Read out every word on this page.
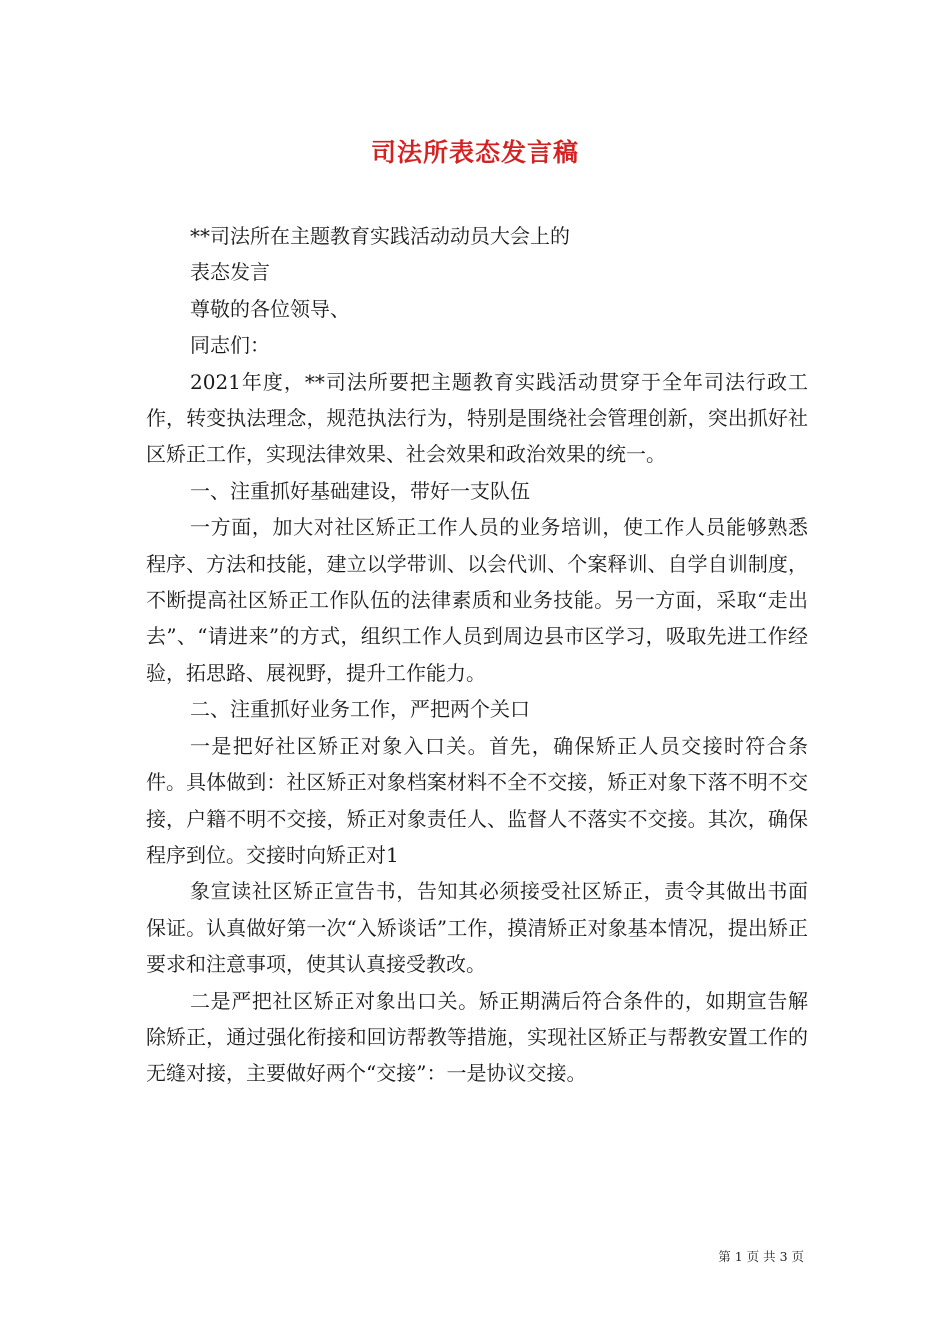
司法所表态发言稿

**司法所在主题教育实践活动动员大会上的

表态发言

尊敬的各位领导、

同志们：

2021年度，**司法所要把主题教育实践活动贯穿于全年司法行政工作，转变执法理念，规范执法行为，特别是围绕社会管理创新，突出抓好社区矫正工作，实现法律效果、社会效果和政治效果的统一。

一、注重抓好基础建设，带好一支队伍

一方面，加大对社区矫正工作人员的业务培训，使工作人员能够熟悉程序、方法和技能，建立以学带训、以会代训、个案释训、自学自训制度，不断提高社区矫正工作队伍的法律素质和业务技能。另一方面，采取“走出去”、“请进来”的方式，组织工作人员到周边县市区学习，吸取先进工作经验，拓思路、展视野，提升工作能力。

二、注重抓好业务工作，严把两个关口

一是把好社区矫正对象入口关。首先，确保矫正人员交接时符合条件。具体做到：社区矫正对象档案材料不全不交接，矫正对象下落不明不交接，户籍不明不交接，矫正对象责任人、监督人不落实不交接。其次，确保程序到位。交接时向矫正对1

象宣读社区矫正宣告书，告知其必须接受社区矫正，责令其做出书面保证。认真做好第一次“入矫谈话”工作，摸清矫正对象基本情况，提出矫正要求和注意事项，使其认真接受教改。

二是严把社区矫正对象出口关。矫正期满后符合条件的，如期宣告解除矫正，通过强化衔接和回访帮教等措施，实现社区矫正与帮教安置工作的无缝对接，主要做好两个“交接”：一是协议交接。

第 1 页 共 3 页
